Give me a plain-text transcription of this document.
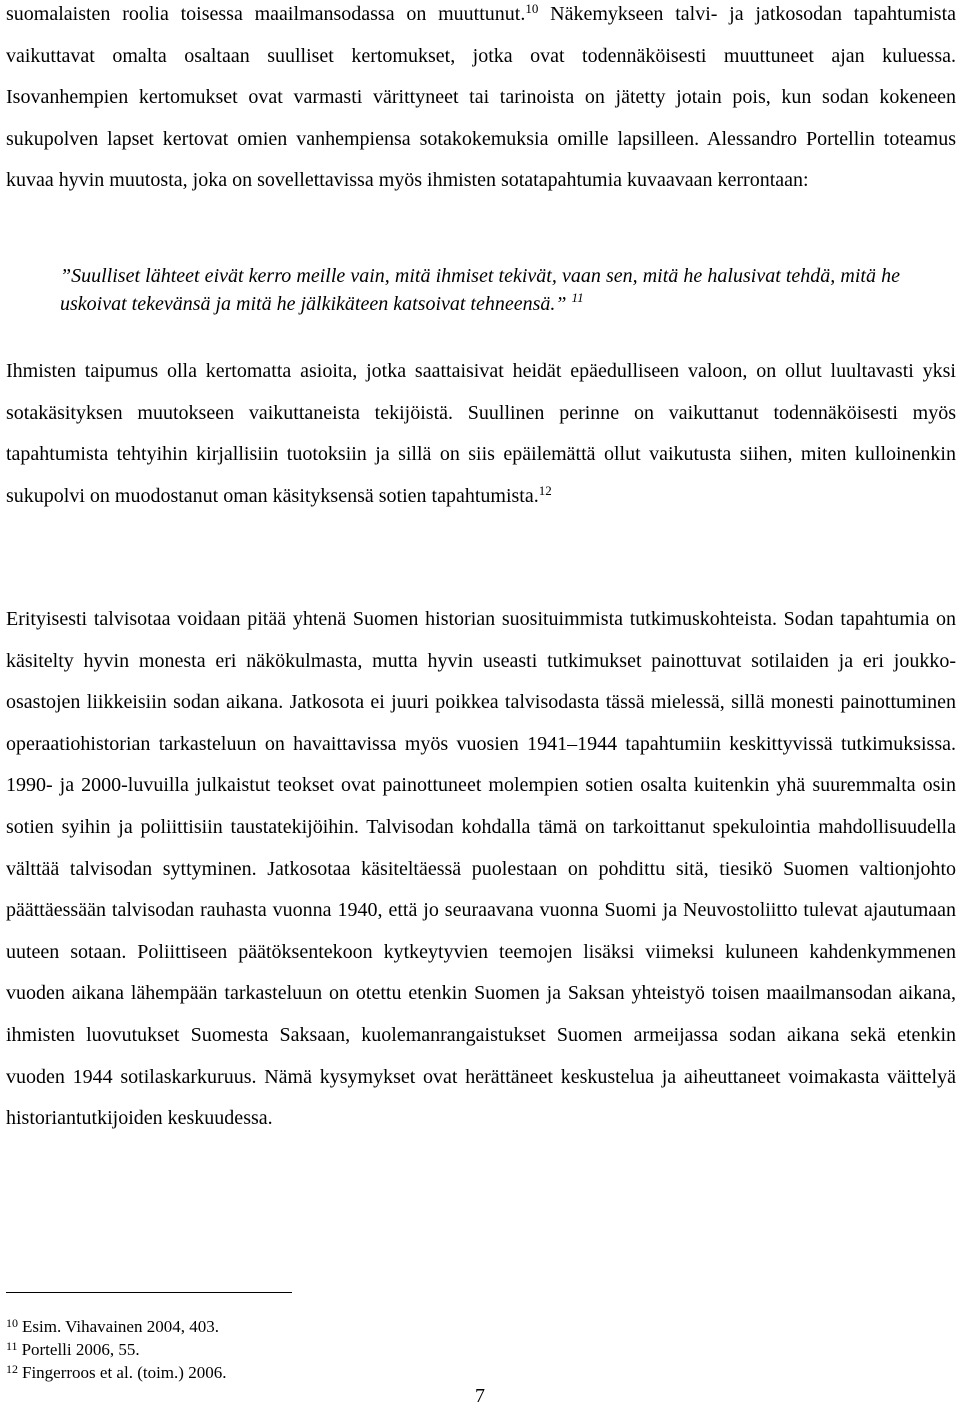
suomalaisten roolia toisessa maailmansodassa on muuttunut.$^{10}$ Näkemykseen talvi- ja jatkosodan tapahtumista vaikuttavat omalta osaltaan suulliset kertomukset, jotka ovat todennäköisesti muuttuneet ajan kuluessa. Isovanhempien kertomukset ovat varmasti värittyneet tai tarinoista on jätetty jotain pois, kun sodan kokeneen sukupolven lapset kertovat omien vanhempiensa sotakokemuksia omille lapsilleen. Alessandro Portellin toteamus kuvaa hyvin muutosta, joka on sovellettavissa myös ihmisten sotatapahtumia kuvaavaan kerrontaan:

”Suulliset lähteet eivät kerro meille vain, mitä ihmiset tekivät, vaan sen, mitä he halusivat tehdä, mitä he uskoivat tekevänsä ja mitä he jälkikäteen katsoivat tehneensä.” $^{11}$

Ihmisten taipumus olla kertomatta asioita, jotka saattaisivat heidät epäedulliseen valoon, on ollut luultavasti yksi sotakäsityksen muutokseen vaikuttaneista tekijöistä. Suullinen perinne on vaikuttanut todennäköisesti myös tapahtumista tehtyihin kirjallisiin tuotoksiin ja sillä on siis epäilemättä ollut vaikutusta siihen, miten kulloinenkin sukupolvi on muodostanut oman käsityksensä sotien tapahtumista.$^{12}$

Erityisesti talvisotaa voidaan pitää yhtenä Suomen historian suosituimmista tutkimuskohteista. Sodan tapahtumia on käsitelty hyvin monesta eri näkökulmasta, mutta hyvin useasti tutkimukset painottuvat sotilaiden ja eri joukko-osastojen liikkeisiin sodan aikana. Jatkosota ei juuri poikkea talvisodasta tässä mielessä, sillä monesti painottuminen operaatiohistorian tarkasteluun on havaittavissa myös vuosien 1941–1944 tapahtumiin keskittyvissä tutkimuksissa. 1990- ja 2000-luvuilla julkaistut teokset ovat painottuneet molempien sotien osalta kuitenkin yhä suuremmalta osin sotien syihin ja poliittisiin taustatekijöihin. Talvisodan kohdalla tämä on tarkoittanut spekulointia mahdollisuudella välttää talvisodan syttyminen. Jatkosotaa käsiteltäessä puolestaan on pohdittu sitä, tiesikö Suomen valtionjohto päättäessään talvisodan rauhasta vuonna 1940, että jo seuraavana vuonna Suomi ja Neuvostoliitto tulevat ajautumaan uuteen sotaan. Poliittiseen päätöksentekoon kytkeytyvien teemojen lisäksi viimeksi kuluneen kahdenkymmenen vuoden aikana lähempään tarkasteluun on otettu etenkin Suomen ja Saksan yhteistyö toisen maailmansodan aikana, ihmisten luovutukset Suomesta Saksaan, kuolemanrangaistukset Suomen armeijassa sodan aikana sekä etenkin vuoden 1944 sotilaskarkuruus. Nämä kysymykset ovat herättäneet keskustelua ja aiheuttaneet voimakasta väittelyä historiantutkijoiden keskuudessa.

$^{10}$ Esim. Vihavainen 2004, 403.

$^{11}$ Portelli 2006, 55.

$^{12}$ Fingerroos et al. (toim.) 2006.

7
